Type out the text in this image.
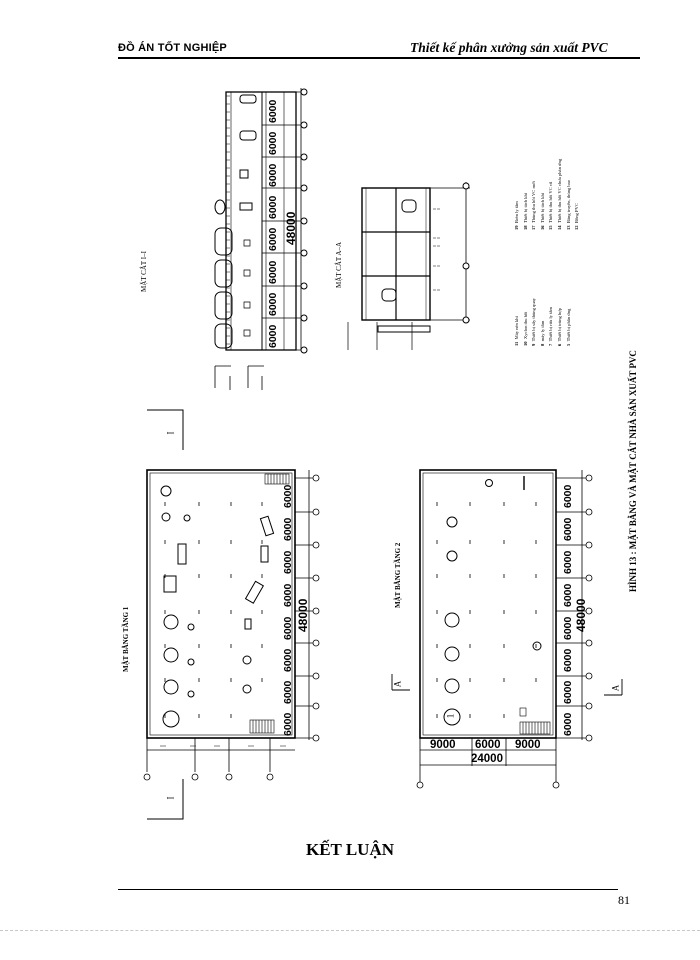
ĐỒ ÁN TỐT NGHIỆP	Thiết kế phân xưởng sản xuất PVC
MẶT CẮT I–I	MẶT CẮT A–A
MẶT BẰNG TẦNG 1
MẶT BẰNG TẦNG 2	HÌNH 13 : MẶT BẰNG VÀ MẶT CẮT NHÀ SẢN XUẤT PVC
6000
6000
6000
6000
6000
6000
6000
6000
48000
6000
6000
6000
6000
6000
6000
6000
6000
48000
6000
6000
6000
6000
6000
6000
6000
6000
48000
9000 6000 9000
24000
I
I
A
A
1
11  Máy nén khí
10  Xyclon thu hồi
9  Thiết bị sấy thùng quay
8  máy ly tâm
7  Thiết bị rửa ly tâm
6  Thiết bị trùng hợp
5  Thiết bị phần ứng
19  Bơm ly tâm
18  Thiết bị tách khí
17  Thùng thu hồi VC mới
16  Thiết bị tách khí
15  Thiết bị thu hồi VC cũ
14  Thiết bị thu hồi VC chưa phản ứng
13  Băng truyền, thùng bao
12  Bồng PVC
KẾT LUẬN
81
